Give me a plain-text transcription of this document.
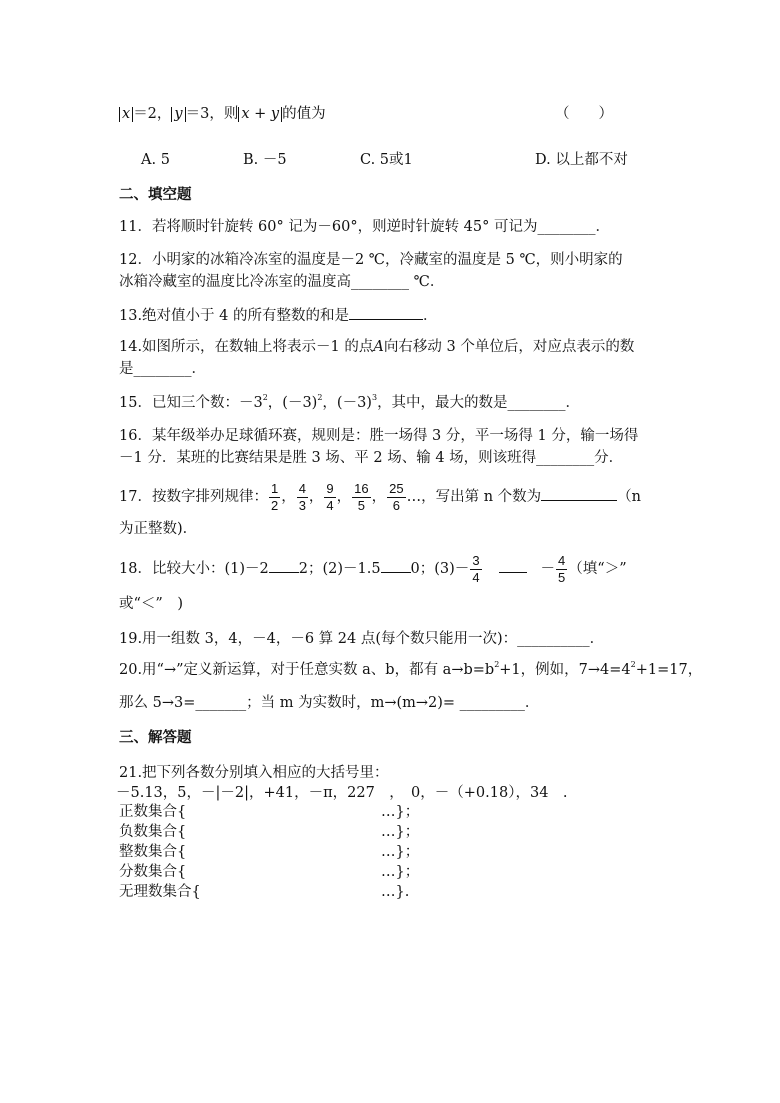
x ＝2， y ＝3，则 x + y 的值为	（　　）
A. 5	B. －5	C. 5或1	D. 以上都不对
二、填空题
11．若将顺时针旋转 60° 记为－60°，则逆时针旋转 45° 可记为________．
12．小明家的冰箱冷冻室的温度是－2 ℃，冷藏室的温度是 5 ℃，则小明家的
冰箱冷藏室的温度比冷冻室的温度高________ ℃．
13.绝对值小于 4 的所有整数的和是	．
14.如图所示，在数轴上将表示－1 的点A向右移动 3 个单位后，对应点表示的数
是________．
15．已知三个数：$-3^2$，$(-3)^2$，$(-3)^3$，其中，最大的数是________．
16．某年级举办足球循环赛，规则是：胜一场得 3 分，平一场得 1 分，输一场得
－1 分．某班的比赛结果是胜 3 场、平 2 场、输 4 场，则该班得________分．
17．按数字排列规律： $\frac{1}{2}$ ， $\frac{4}{3}$ ， $\frac{9}{4}$ ， $\frac{16}{5}$ ， $\frac{25}{6}$ …，写出第 n 个数为	（n
为正整数)．
18．比较大小：(1)－2 2；(2)－1.5 0；$(3)- \frac{3}{4}$	－ $\frac{4}{5}$ （填“＞”
或“＜”　)
19.用一组数 3，4，－4，－6 算 24 点(每个数只能用一次)：__________．
20.用“→”定义新运算，对于任意实数 a、b，都有 $a\to b=b^2+1$，例如，$7\to 4=4^2+1=17$，
那么 5→3=_______；当 m 为实数时，m→(m→2)= _________．
三、解答题
21.把下列各数分别填入相应的大括号里：
－5.13，5，－|－2|，+41，－π，227　，　0，－（+0.18），34　.
正数集合{	…}；
负数集合{	…}；
整数集合{	…}；
分数集合{	…}；
无理数集合{	…}.
